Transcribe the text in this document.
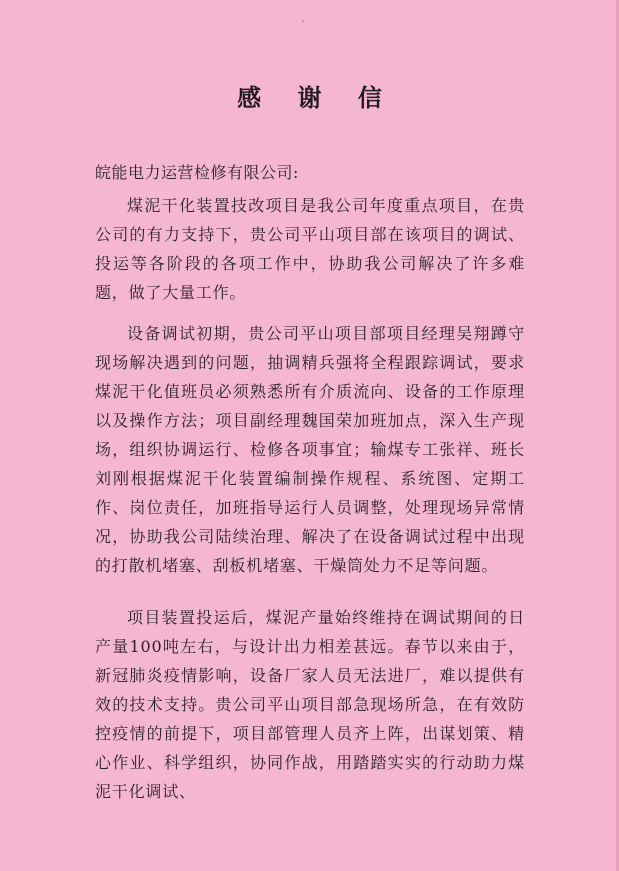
感 谢 信
皖能电力运营检修有限公司:

煤泥干化装置技改项目是我公司年度重点项目，在贵公司的有力支持下，贵公司平山项目部在该项目的调试、投运等各阶段的各项工作中，协助我公司解决了许多难题，做了大量工作。

设备调试初期，贵公司平山项目部项目经理吴翔蹲守现场解决遇到的问题，抽调精兵强将全程跟踪调试，要求煤泥干化值班员必须熟悉所有介质流向、设备的工作原理以及操作方法；项目副经理魏国荣加班加点，深入生产现场，组织协调运行、检修各项事宜；输煤专工张祥、班长刘刚根据煤泥干化装置编制操作规程、系统图、定期工作、岗位责任，加班指导运行人员调整，处理现场异常情况，协助我公司陆续治理、解决了在设备调试过程中出现的打散机堵塞、刮板机堵塞、干燥筒处力不足等问题。

项目装置投运后，煤泥产量始终维持在调试期间的日产量100吨左右，与设计出力相差甚远。春节以来由于，新冠肺炎疫情影响，设备厂家人员无法进厂，难以提供有效的技术支持。贵公司平山项目部急现场所急，在有效防控疫情的前提下，项目部管理人员齐上阵，出谋划策、精心作业、科学组织，协同作战，用踏踏实实的行动助力煤泥干化调试、
